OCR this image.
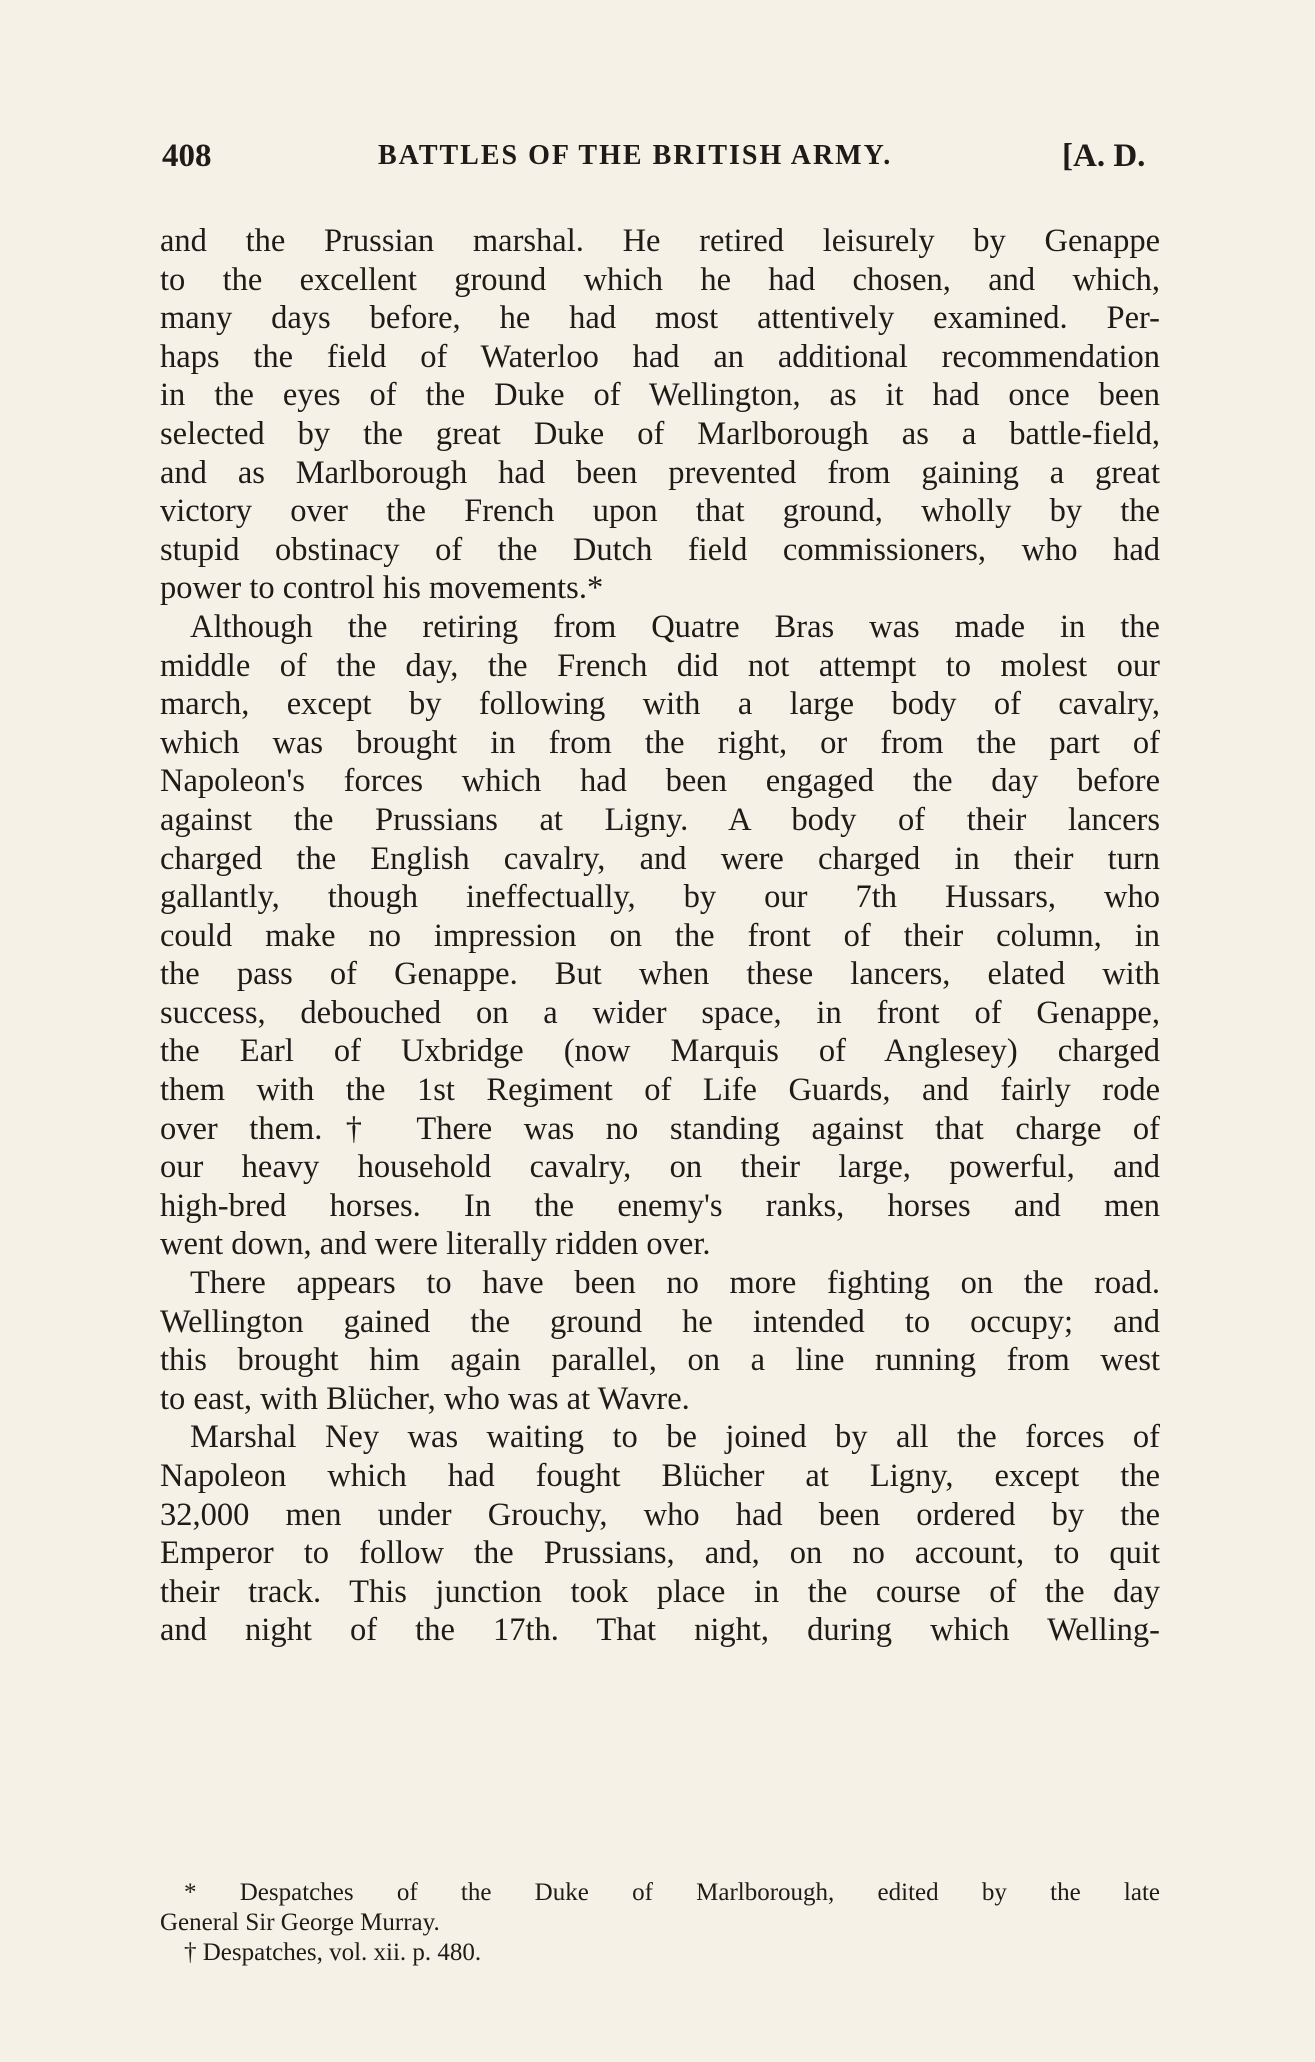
408	BATTLES OF THE BRITISH ARMY.	[A. D.
and the Prussian marshal. He retired leisurely by Genappe
to the excellent ground which he had chosen, and which,
many days before, he had most attentively examined. Per-
haps the field of Waterloo had an additional recommendation
in the eyes of the Duke of Wellington, as it had once been
selected by the great Duke of Marlborough as a battle-field,
and as Marlborough had been prevented from gaining a great
victory over the French upon that ground, wholly by the
stupid obstinacy of the Dutch field commissioners, who had
power to control his movements.*
Although the retiring from Quatre Bras was made in the
middle of the day, the French did not attempt to molest our
march, except by following with a large body of cavalry,
which was brought in from the right, or from the part of
Napoleon's forces which had been engaged the day before
against the Prussians at Ligny. A body of their lancers
charged the English cavalry, and were charged in their turn
gallantly, though ineffectually, by our 7th Hussars, who
could make no impression on the front of their column, in
the pass of Genappe. But when these lancers, elated with
success, debouched on a wider space, in front of Genappe,
the Earl of Uxbridge (now Marquis of Anglesey) charged
them with the 1st Regiment of Life Guards, and fairly rode
over them.† There was no standing against that charge of
our heavy household cavalry, on their large, powerful, and
high-bred horses. In the enemy's ranks, horses and men
went down, and were literally ridden over.
There appears to have been no more fighting on the road.
Wellington gained the ground he intended to occupy; and
this brought him again parallel, on a line running from west
to east, with Blücher, who was at Wavre.
Marshal Ney was waiting to be joined by all the forces of
Napoleon which had fought Blücher at Ligny, except the
32,000 men under Grouchy, who had been ordered by the
Emperor to follow the Prussians, and, on no account, to quit
their track. This junction took place in the course of the day
and night of the 17th. That night, during which Welling-
* Despatches of the Duke of Marlborough, edited by the late
General Sir George Murray.
† Despatches, vol. xii. p. 480.
